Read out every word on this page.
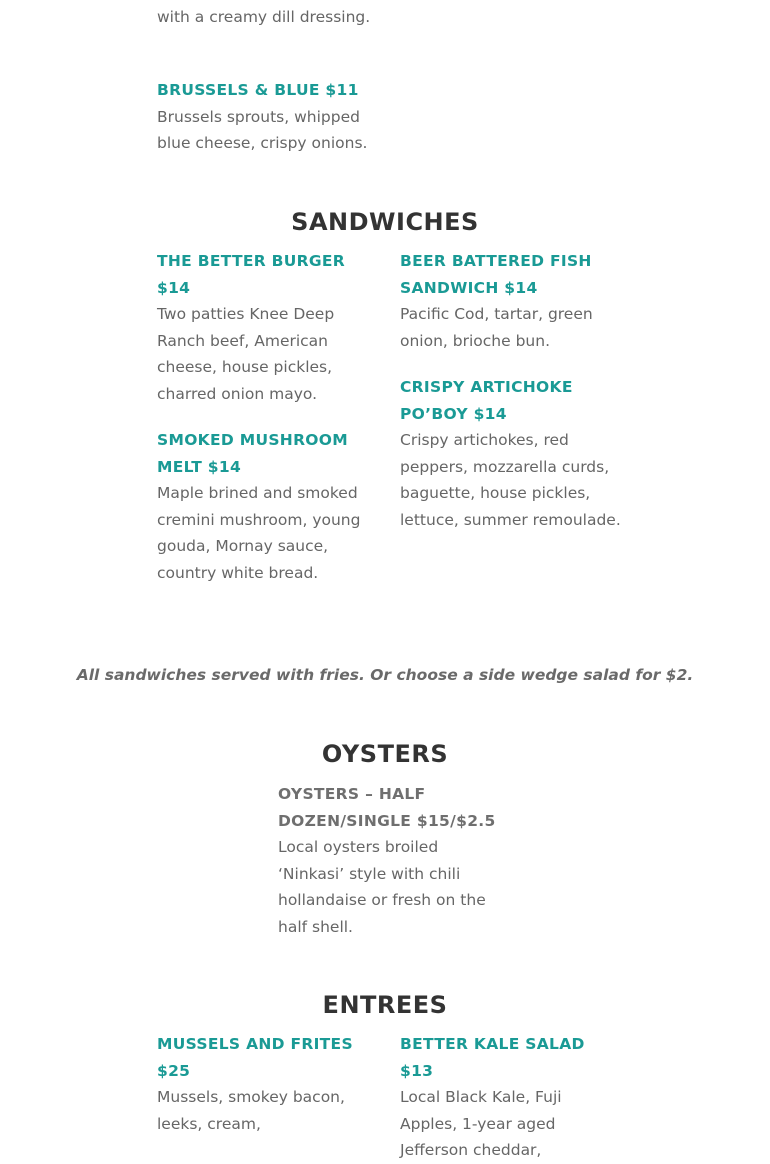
with a creamy dill dressing.

BRUSSELS & BLUE $11

Brussels sprouts, whipped blue cheese, crispy onions.

SANDWICHES

THE BETTER BURGER $14

Two patties Knee Deep Ranch beef, American cheese, house pickles, charred onion mayo.

SMOKED MUSHROOM MELT $14

Maple brined and smoked cremini mushroom, young gouda, Mornay sauce, country white bread.

BEER BATTERED FISH SANDWICH $14

Pacific Cod, tartar, green onion, brioche bun.

CRISPY ARTICHOKE PO’BOY $14

Crispy artichokes, red peppers, mozzarella curds, baguette, house pickles, lettuce, summer remoulade.

All sandwiches served with fries. Or choose a side wedge salad for $2.

OYSTERS

OYSTERS – HALF DOZEN/SINGLE $15/$2.5

Local oysters broiled ‘Ninkasi’ style with chili hollandaise or fresh on the half shell.

ENTREES

MUSSELS AND FRITES $25

Mussels, smokey bacon, leeks, cream,

BETTER KALE SALAD $13

Local Black Kale, Fuji Apples, 1-year aged Jefferson cheddar,
